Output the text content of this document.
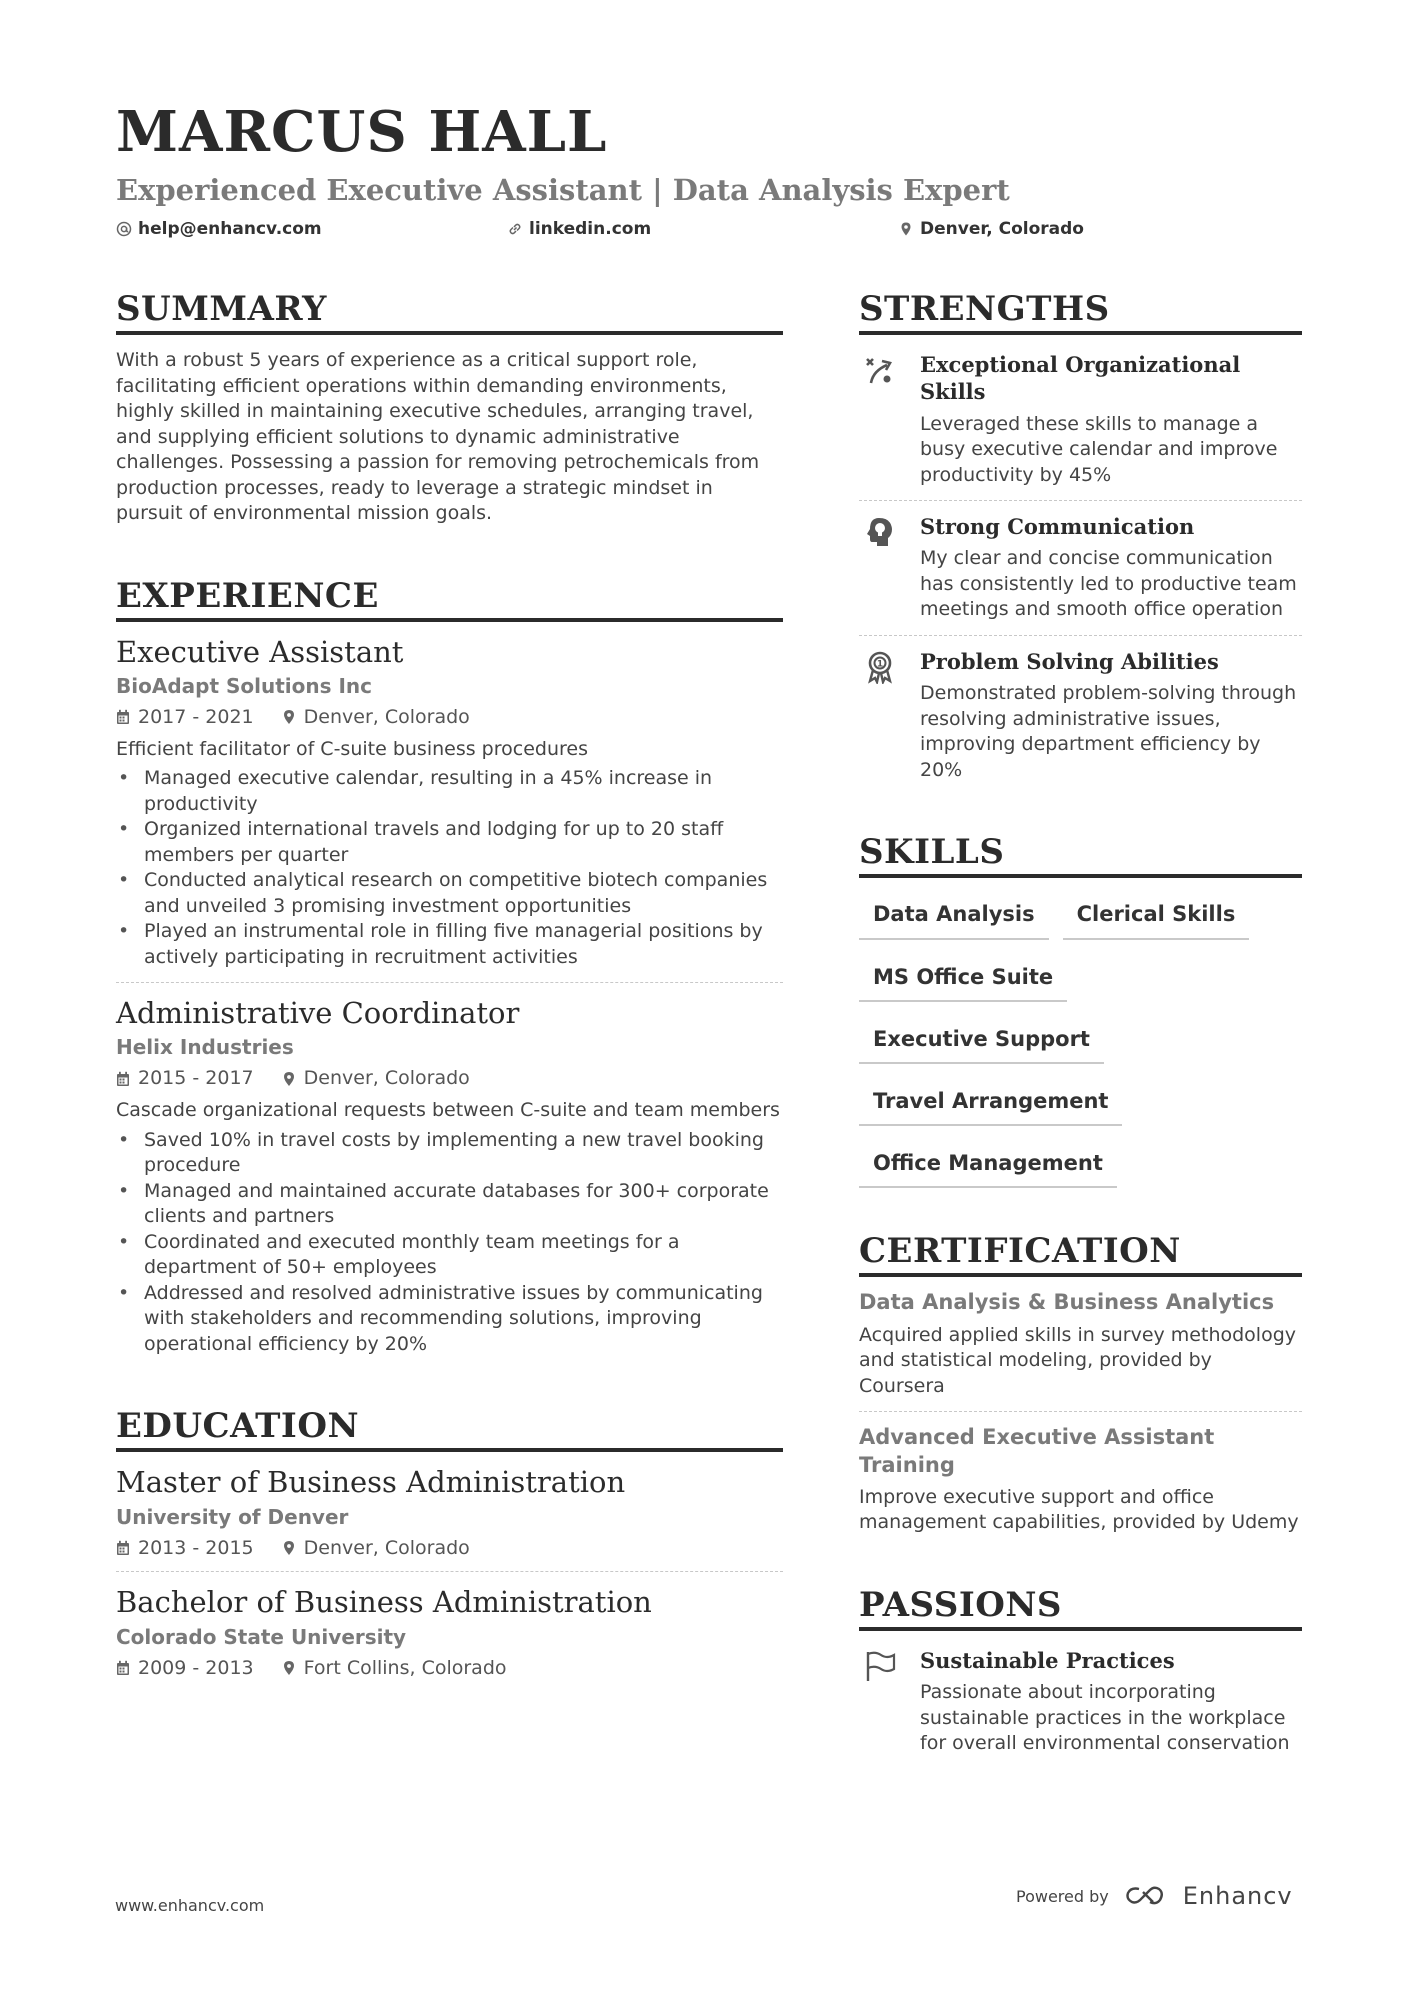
MARCUS HALL
Experienced Executive Assistant | Data Analysis Expert
help@enhancv.com	linkedin.com	Denver, Colorado
SUMMARY
With a robust 5 years of experience as a critical support role, facilitating efficient operations within demanding environments, highly skilled in maintaining executive schedules, arranging travel, and supplying efficient solutions to dynamic administrative challenges. Possessing a passion for removing petrochemicals from production processes, ready to leverage a strategic mindset in pursuit of environmental mission goals.
EXPERIENCE
Executive Assistant
BioAdapt Solutions Inc
2017 - 2021	Denver, Colorado
Efficient facilitator of C-suite business procedures
• Managed executive calendar, resulting in a 45% increase in productivity
• Organized international travels and lodging for up to 20 staff members per quarter
• Conducted analytical research on competitive biotech companies and unveiled 3 promising investment opportunities
• Played an instrumental role in filling five managerial positions by actively participating in recruitment activities
Administrative Coordinator
Helix Industries
2015 - 2017	Denver, Colorado
Cascade organizational requests between C-suite and team members
• Saved 10% in travel costs by implementing a new travel booking procedure
• Managed and maintained accurate databases for 300+ corporate clients and partners
• Coordinated and executed monthly team meetings for a department of 50+ employees
• Addressed and resolved administrative issues by communicating with stakeholders and recommending solutions, improving operational efficiency by 20%
EDUCATION
Master of Business Administration
University of Denver
2013 - 2015	Denver, Colorado
Bachelor of Business Administration
Colorado State University
2009 - 2013	Fort Collins, Colorado
STRENGTHS
Exceptional Organizational Skills
Leveraged these skills to manage a busy executive calendar and improve productivity by 45%
Strong Communication
My clear and concise communication has consistently led to productive team meetings and smooth office operation
1 Problem Solving Abilities
Demonstrated problem-solving through resolving administrative issues, improving department efficiency by 20%
SKILLS
Data Analysis	Clerical Skills
MS Office Suite
Executive Support
Travel Arrangement
Office Management
CERTIFICATION
Data Analysis & Business Analytics
Acquired applied skills in survey methodology and statistical modeling, provided by Coursera
Advanced Executive Assistant Training
Improve executive support and office management capabilities, provided by Udemy
PASSIONS
Sustainable Practices
Passionate about incorporating sustainable practices in the workplace for overall environmental conservation
www.enhancv.com	Powered by	Enhancv
